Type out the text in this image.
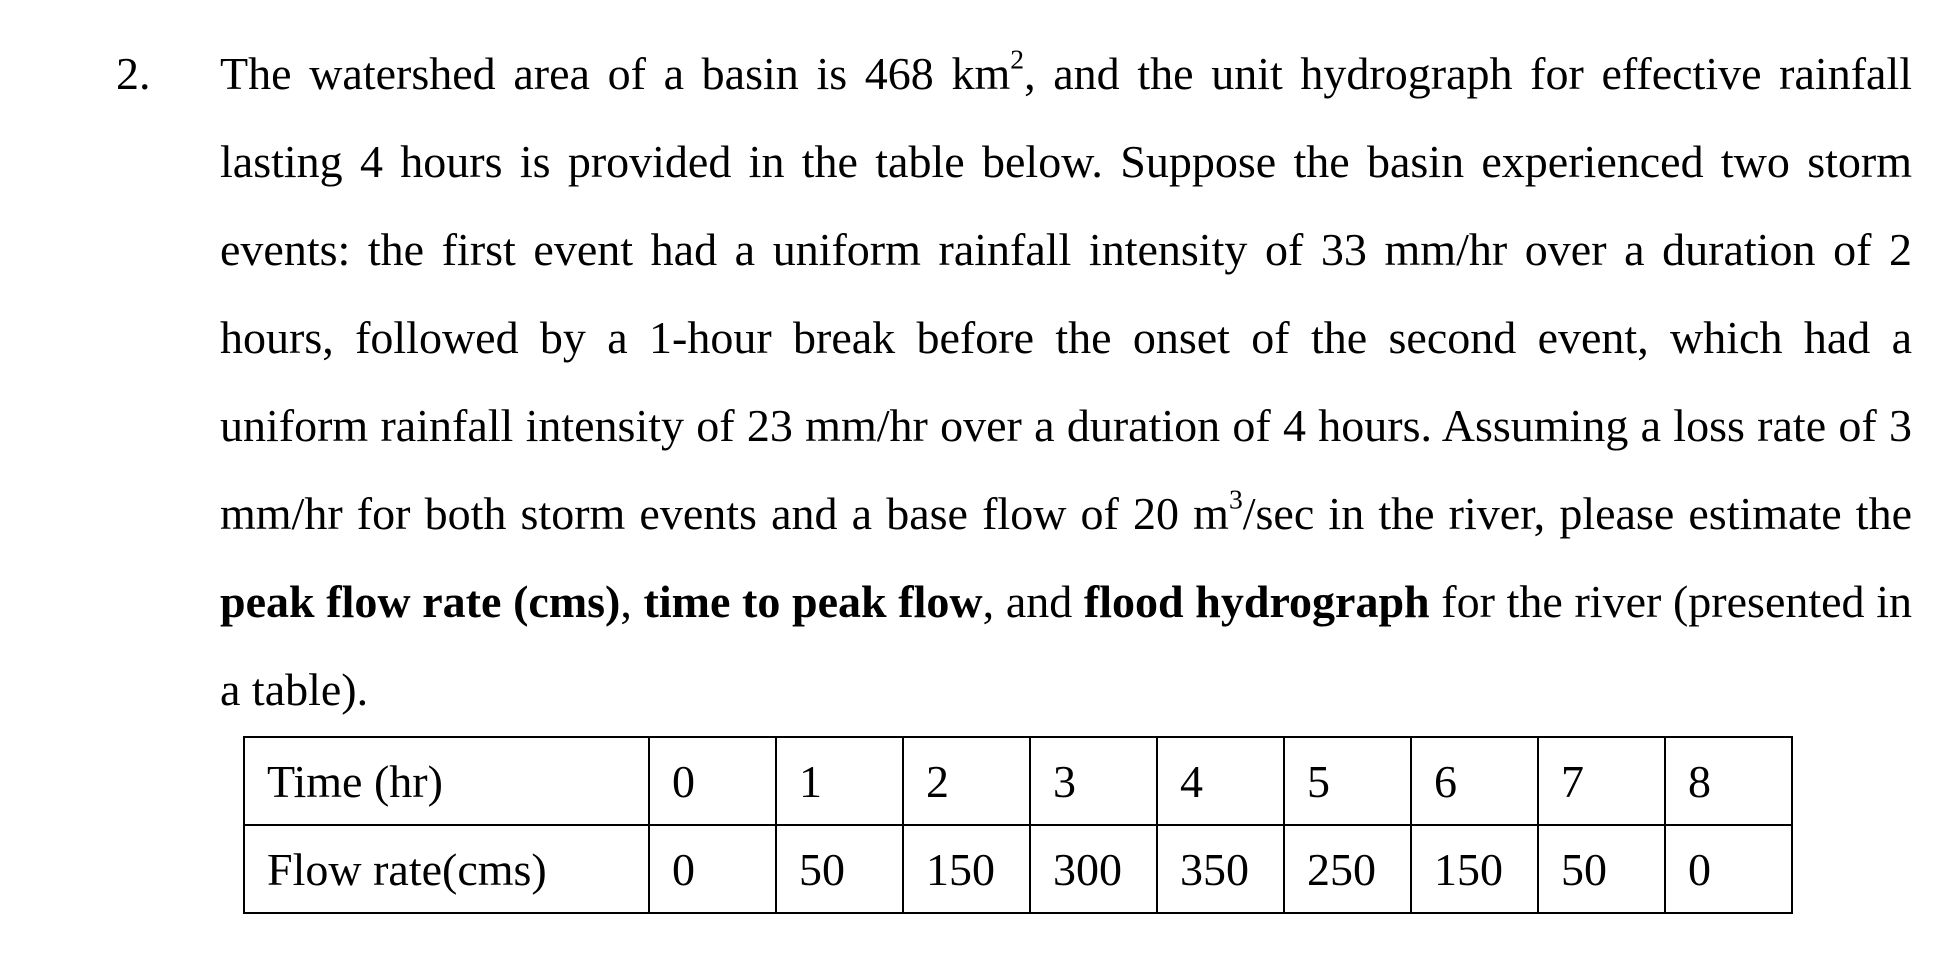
2. The watershed area of a basin is 468 $km^2$, and the unit hydrograph for effective rainfall lasting 4 hours is provided in the table below. Suppose the basin experienced two storm events: the first event had a uniform rainfall intensity of 33 mm/hr over a duration of 2 hours, followed by a 1-hour break before the onset of the second event, which had a uniform rainfall intensity of 23 mm/hr over a duration of 4 hours. Assuming a loss rate of 3 mm/hr for both storm events and a base flow of 20 $m^3/\sec$ in the river, please estimate the peak flow rate (cms), time to peak flow, and flood hydrograph for the river (presented in a table).
Time (hr)	0	1	2	3	4	5	6	7	8
Flow rate(cms)	0	50	150	300	350	250	150	50	0
